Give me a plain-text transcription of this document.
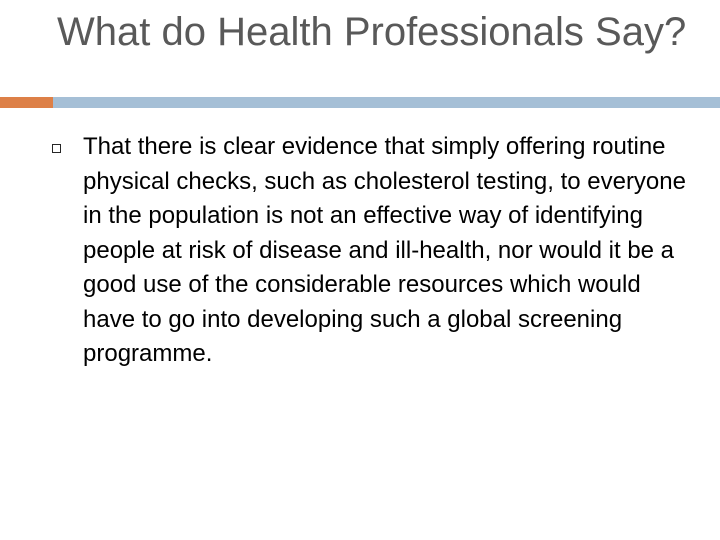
What do Health Professionals Say?
That there is clear evidence that simply offering routine physical checks, such as cholesterol testing, to everyone in the population is not an effective way of identifying people at risk of disease and ill-health, nor would it be a good use of the considerable resources which would have to go into developing such a global screening programme.
